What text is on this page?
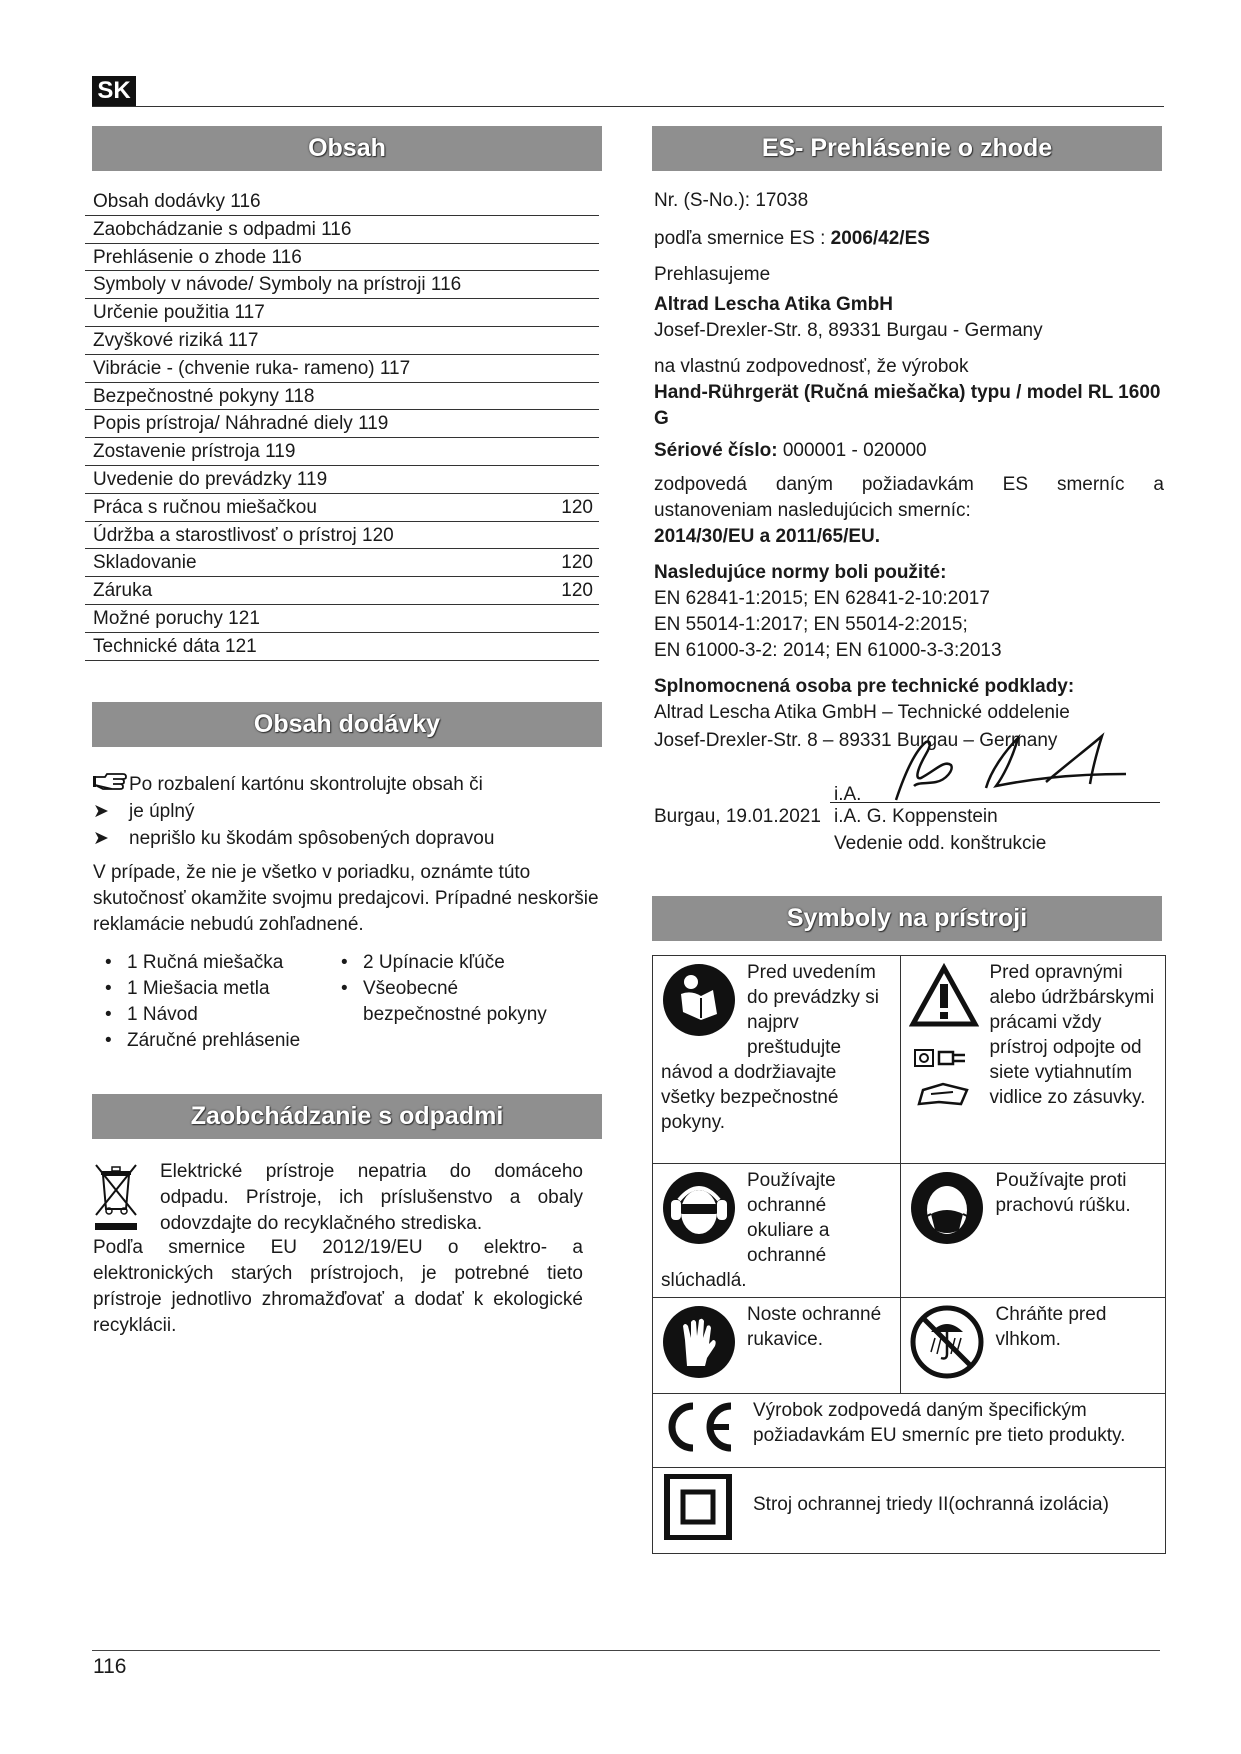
SK
Obsah
Obsah dodávky 116
Zaobchádzanie s odpadmi 116
Prehlásenie o zhode 116
Symboly v návode/ Symboly na prístroji 116
Určenie použitia 117
Zvyškové riziká 117
Vibrácie - (chvenie ruka- rameno) 117
Bezpečnostné pokyny 118
Popis prístroja/ Náhradné diely 119
Zostavenie prístroja 119
Uvedenie do prevádzky 119
Práca s ručnou miešačkou	120
Údržba a starostlivosť o prístroj 120
Skladovanie	120
Záruka	120
Možné poruchy 121
Technické dáta 121
Obsah dodávky
Po rozbalení kartónu skontrolujte obsah či
➤ je úplný
➤ neprišlo ku škodám spôsobených dopravou

V prípade, že nie je všetko v poriadku, oznámte túto skutočnosť okamžite svojmu predajcovi. Prípadné neskoršie reklamácie nebudú zohľadnené.

• 1 Ručná miešačka
• 1 Miešacia metla
• 1 Návod
• Záručné prehlásenie
• 2 Upínacie kľúče
• Všeobecné bezpečnostné pokyny
Zaobchádzanie s odpadmi

Elektrické prístroje nepatria do domáceho odpadu. Prístroje, ich príslušenstvo a obaly odovzdajte do recyklačného strediska.

Podľa smernice EU 2012/19/EU o elektro- a elektronických starých prístrojoch, je potrebné tieto prístroje jednotlivo zhromažďovať a dodať k ekologické recyklácii.

ES- Prehlásenie o zhode

Nr. (S-No.): 17038

podľa smernice ES : 2006/42/ES

Prehlasujeme

Altrad Lescha Atika GmbH

Josef-Drexler-Str. 8, 89331 Burgau - Germany

na vlastnú zodpovednosť, že výrobok

Hand-Rührgerät (Ručná miešačka) typu / model RL 1600 G

Sériové číslo: 000001 - 020000

zodpovedá daným požiadavkám ES smerníc a ustanoveniam nasledujúcich smerníc:

2014/30/EU a 2011/65/EU.

Nasledujúce normy boli použité:

EN 62841-1:2015; EN 62841-2-10:2017

EN 55014-1:2017; EN 55014-2:2015;

EN 61000-3-2: 2014; EN 61000-3-3:2013

Splnomocnená osoba pre technické podklady:

Altrad Lescha Atika GmbH – Technické oddelenie

Josef-Drexler-Str. 8 – 89331 Burgau – Germany

i.A.
Burgau, 19.01.2021 i.A. G. Koppenstein
Vedenie odd. konštrukcie
Symboly na prístroji
Pred uvedením do prevádzky si najprv preštudujte návod a dodržiavajte všetky bezpečnostné pokyny.	Pred opravnými alebo údržbárskymi prácami vždy prístroj odpojte od siete vytiahnutím vidlice zo zásuvky.

Používajte ochranné okuliare a ochranné slúchadlá.	Používajte proti prachovú rúšku.

Noste ochranné rukavice.	Chráňte pred vlhkom.

Výrobok zodpovedá daným špecifickým požiadavkám EU smerníc pre tieto produkty.	

Stroj ochrannej triedy II(ochranná izolácia)	
116
